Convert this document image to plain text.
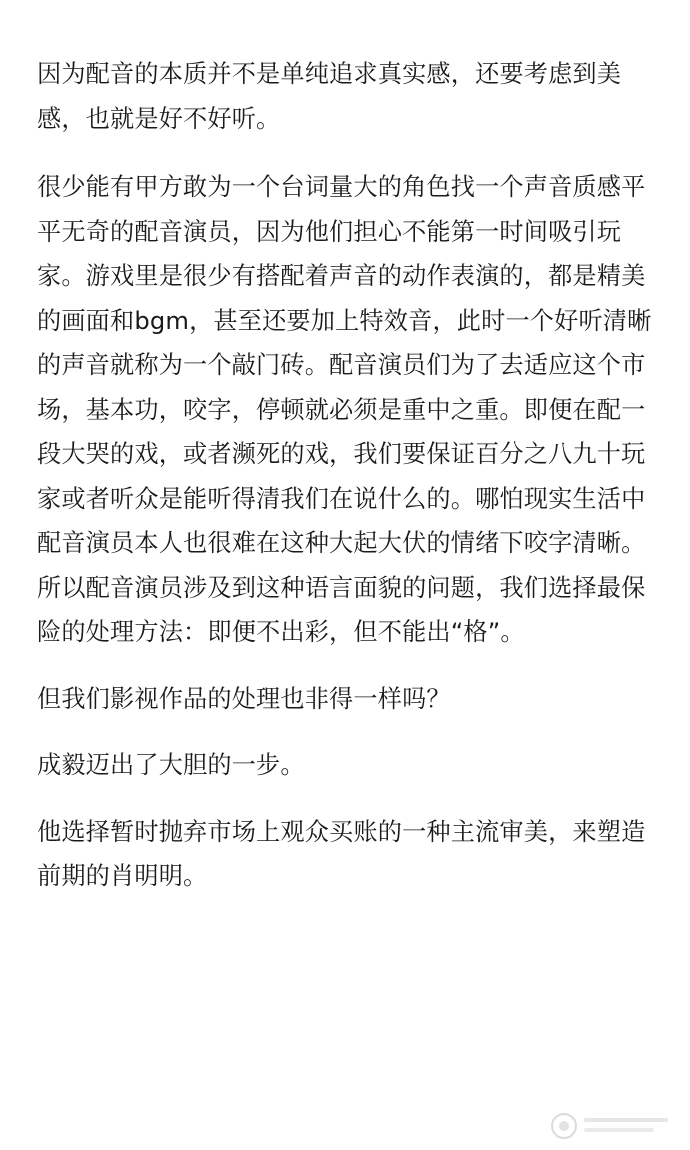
因为配音的本质并不是单纯追求真实感，还要考虑到美感，也就是好不好听。

很少能有甲方敢为一个台词量大的角色找一个声音质感平平无奇的配音演员，因为他们担心不能第一时间吸引玩家。游戏里是很少有搭配着声音的动作表演的，都是精美的画面和bgm，甚至还要加上特效音，此时一个好听清晰的声音就称为一个敲门砖。配音演员们为了去适应这个市场，基本功，咬字，停顿就必须是重中之重。即便在配一段大哭的戏，或者濒死的戏，我们要保证百分之八九十玩家或者听众是能听得清我们在说什么的。哪怕现实生活中配音演员本人也很难在这种大起大伏的情绪下咬字清晰。所以配音演员涉及到这种语言面貌的问题，我们选择最保险的处理方法：即便不出彩，但不能出“格”。

但我们影视作品的处理也非得一样吗？

成毅迈出了大胆的一步。

他选择暂时抛弃市场上观众买账的一种主流审美，来塑造前期的肖明明。
